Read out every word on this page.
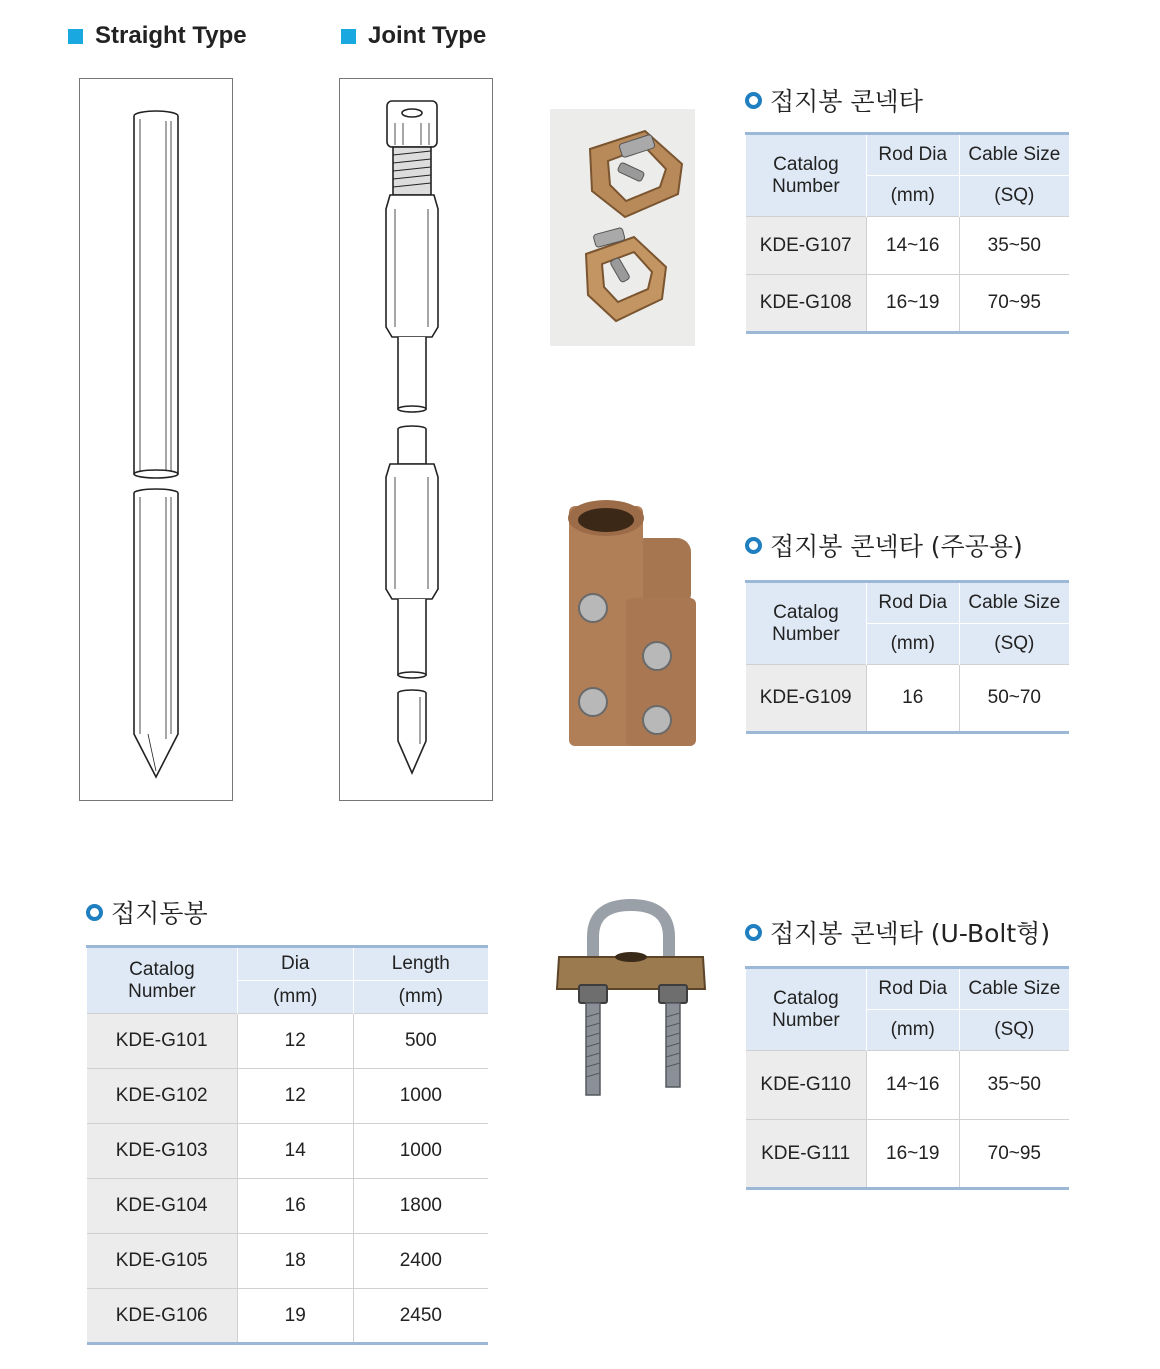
Straight Type	Joint Type
접지봉 콘넥타
Catalog
Number	Rod Dia	Cable Size
	(mm)	(SQ)
KDE-G107	14~16	35~50
KDE-G108	16~19	70~95
접지봉 콘넥타 (주공용)
Catalog
Number	Rod Dia	Cable Size
	(mm)	(SQ)
KDE-G109	16	50~70
접지봉 콘넥타 (U-Bolt형)
Catalog
Number	Rod Dia	Cable Size
	(mm)	(SQ)
KDE-G110	14~16	35~50
KDE-G111	16~19	70~95
접지동봉
Catalog
Number	Dia	Length
	(mm)	(mm)
KDE-G101	12	500
KDE-G102	12	1000
KDE-G103	14	1000
KDE-G104	16	1800
KDE-G105	18	2400
KDE-G106	19	2450
